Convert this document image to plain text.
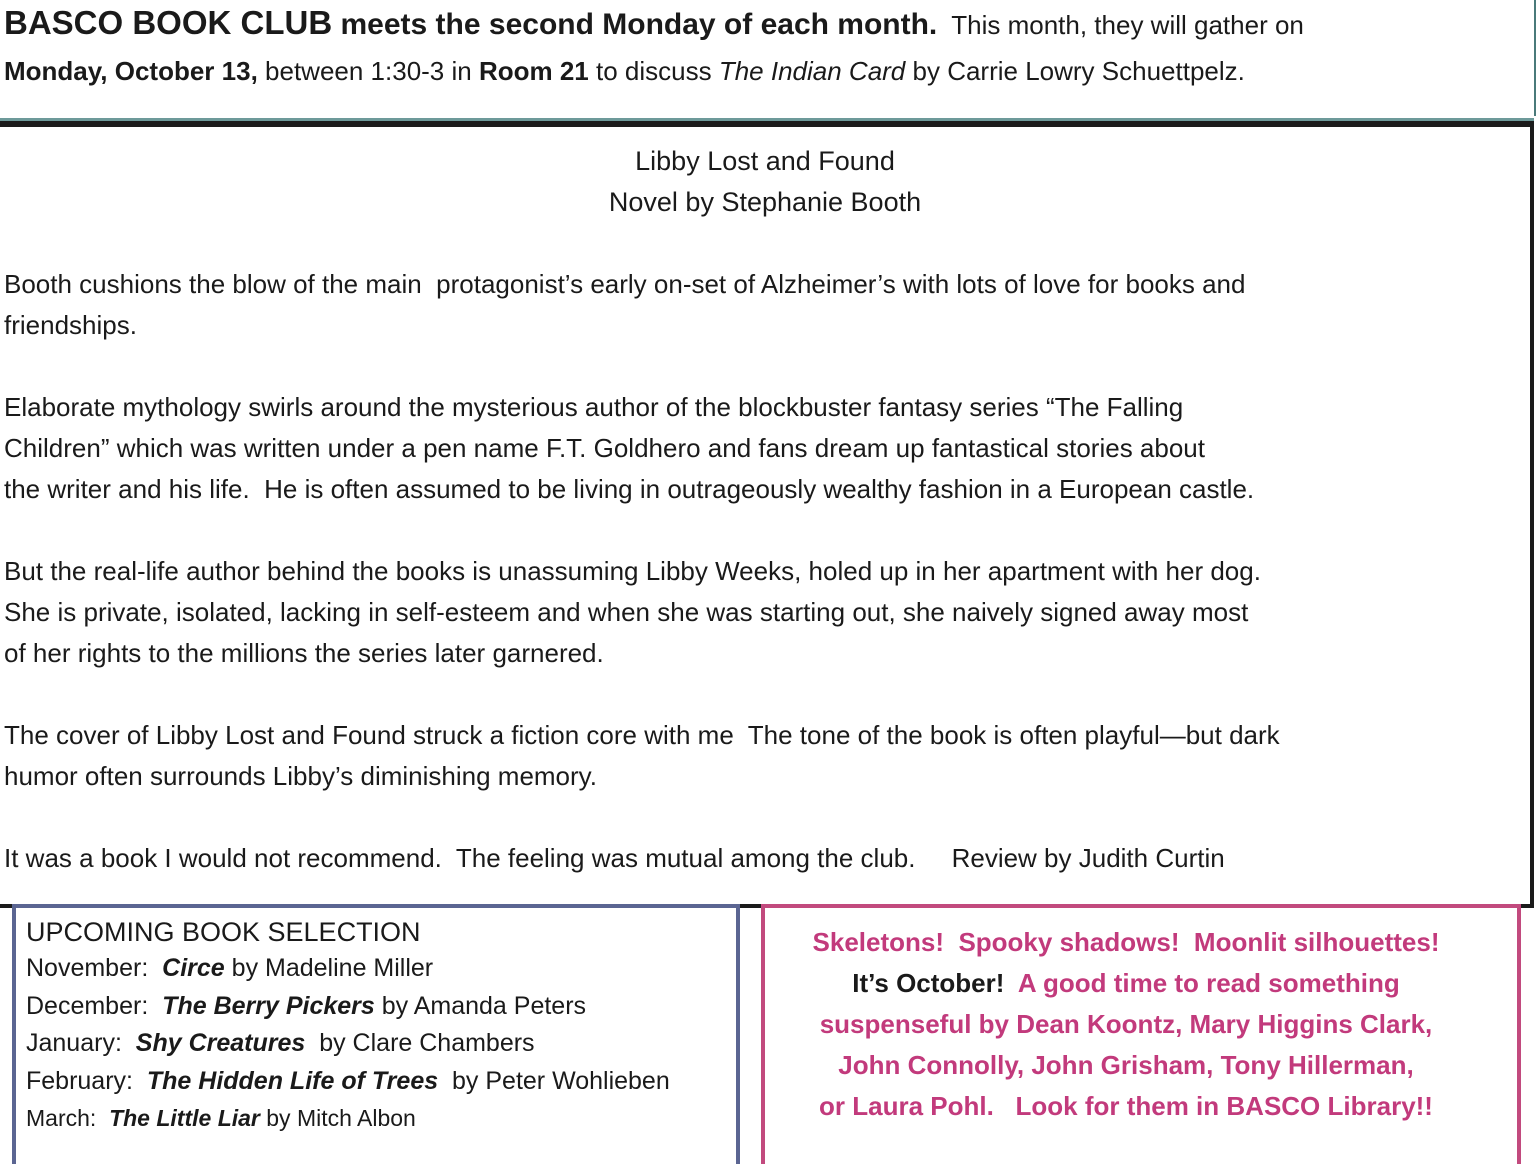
BASCO BOOK CLUB meets the second Monday of each month.  This month, they will gather on

Monday, October 13, between 1:30-3 in Room 21 to discuss The Indian Card by Carrie Lowry Schuettpelz.

Libby Lost and Found
Novel by Stephanie Booth

Booth cushions the blow of the main  protagonist’s early on-set of Alzheimer’s with lots of love for books and

friendships.

Elaborate mythology swirls around the mysterious author of the blockbuster fantasy series “The Falling

Children” which was written under a pen name F.T. Goldhero and fans dream up fantastical stories about

the writer and his life.  He is often assumed to be living in outrageously wealthy fashion in a European castle.

But the real-life author behind the books is unassuming Libby Weeks, holed up in her apartment with her dog.

She is private, isolated, lacking in self-esteem and when she was starting out, she naively signed away most

of her rights to the millions the series later garnered.

The cover of Libby Lost and Found struck a fiction core with me  The tone of the book is often playful—but dark

humor often surrounds Libby’s diminishing memory.

It was a book I would not recommend.  The feeling was mutual among the club.     Review by Judith Curtin

UPCOMING BOOK SELECTION

November:  Circe by Madeline Miller

December:  The Berry Pickers by Amanda Peters

January:  Shy Creatures  by Clare Chambers

February:  The Hidden Life of Trees  by Peter Wohlieben

March:  The Little Liar by Mitch Albon

Skeletons!  Spooky shadows!  Moonlit silhouettes!

It’s October!  A good time to read something

suspenseful by Dean Koontz, Mary Higgins Clark,

John Connolly, John Grisham, Tony Hillerman,

or Laura Pohl.   Look for them in BASCO Library!!
